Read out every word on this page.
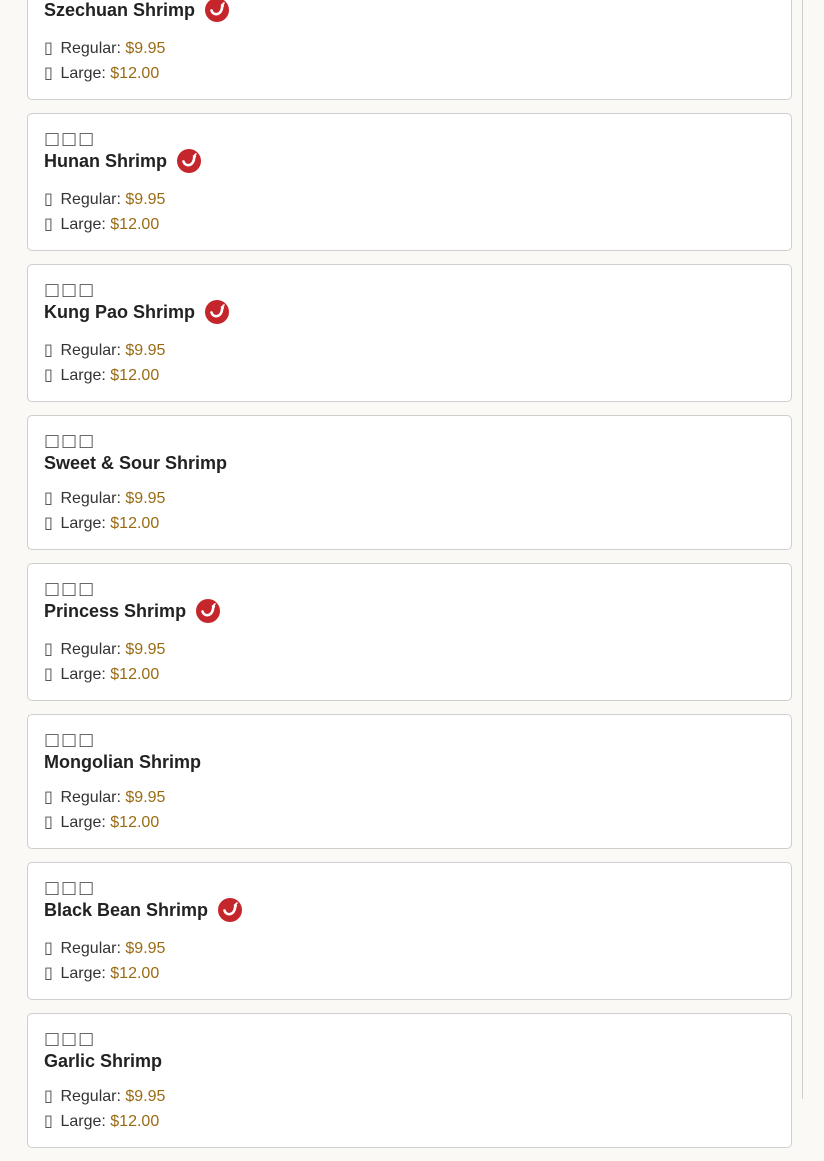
Szechuan Shrimp
▯ Regular: $9.95
▯ Large: $12.00
□□□
Hunan Shrimp
▯ Regular: $9.95
▯ Large: $12.00
□□□
Kung Pao Shrimp
▯ Regular: $9.95
▯ Large: $12.00
□□□
Sweet & Sour Shrimp
▯ Regular: $9.95
▯ Large: $12.00
□□□
Princess Shrimp
▯ Regular: $9.95
▯ Large: $12.00
□□□
Mongolian Shrimp
▯ Regular: $9.95
▯ Large: $12.00
□□□
Black Bean Shrimp
▯ Regular: $9.95
▯ Large: $12.00
□□□
Garlic Shrimp
▯ Regular: $9.95
▯ Large: $12.00
